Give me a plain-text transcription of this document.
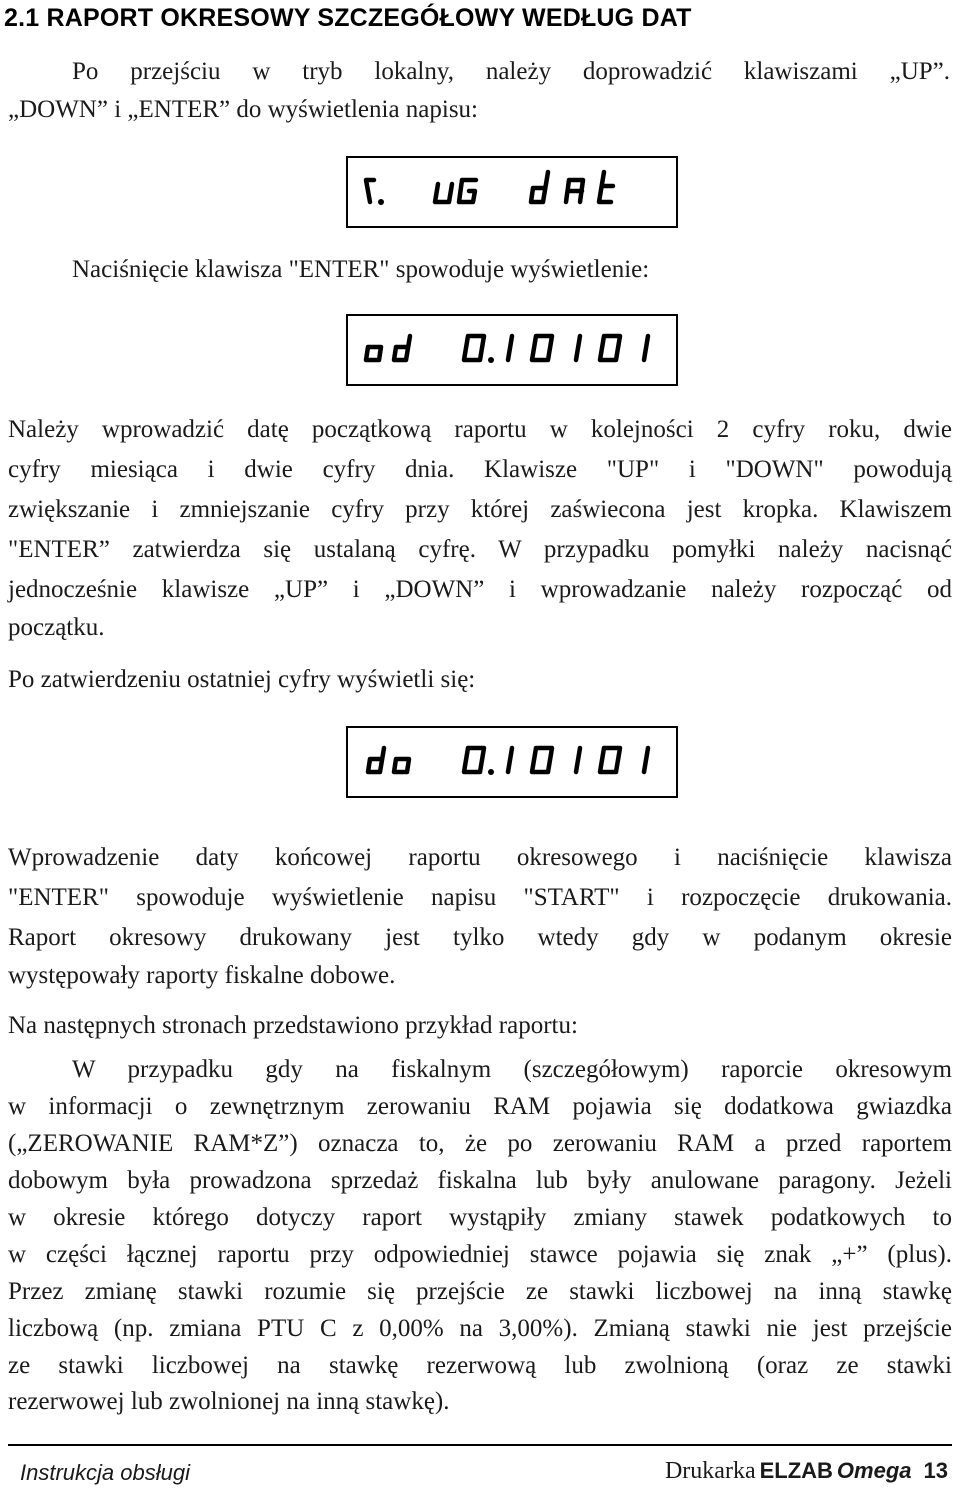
2.1 RAPORT OKRESOWY SZCZEGÓŁOWY WEDŁUG DAT
Po przejściu w tryb lokalny, należy doprowadzić klawiszami „UP”.
„DOWN” i „ENTER” do wyświetlenia napisu:
Naciśnięcie klawisza "ENTER" spowoduje wyświetlenie:
Należy wprowadzić datę początkową raportu w kolejności 2 cyfry roku, dwie
cyfry miesiąca i dwie cyfry dnia. Klawisze "UP" i "DOWN" powodują
zwiększanie i zmniejszanie cyfry przy której zaświecona jest kropka. Klawiszem
"ENTER” zatwierdza się ustalaną cyfrę. W przypadku pomyłki należy nacisnąć
jednocześnie klawisze „UP” i „DOWN” i wprowadzanie należy rozpocząć od
początku.
Po zatwierdzeniu ostatniej cyfry wyświetli się:
Wprowadzenie daty końcowej raportu okresowego i naciśnięcie klawisza
"ENTER" spowoduje wyświetlenie napisu "START" i rozpoczęcie drukowania.
Raport okresowy drukowany jest tylko wtedy gdy w podanym okresie
występowały raporty fiskalne dobowe.
Na następnych stronach przedstawiono przykład raportu:
W przypadku gdy na fiskalnym (szczegółowym) raporcie okresowym
w informacji o zewnętrznym zerowaniu RAM pojawia się dodatkowa gwiazdka
(„ZEROWANIE RAM*Z”) oznacza to, że po zerowaniu RAM a przed raportem
dobowym była prowadzona sprzedaż fiskalna lub były anulowane paragony. Jeżeli
w okresie którego dotyczy raport wystąpiły zmiany stawek podatkowych to
w części łącznej raportu przy odpowiedniej stawce pojawia się znak „+” (plus).
Przez zmianę stawki rozumie się przejście ze stawki liczbowej na inną stawkę
liczbową (np. zmiana PTU C z 0,00% na 3,00%). Zmianą stawki nie jest przejście
ze stawki liczbowej na stawkę rezerwową lub zwolnioną (oraz ze stawki
rezerwowej lub zwolnionej na inną stawkę).
Instrukcja obsługi	Drukarka ELZAB Omega 13
